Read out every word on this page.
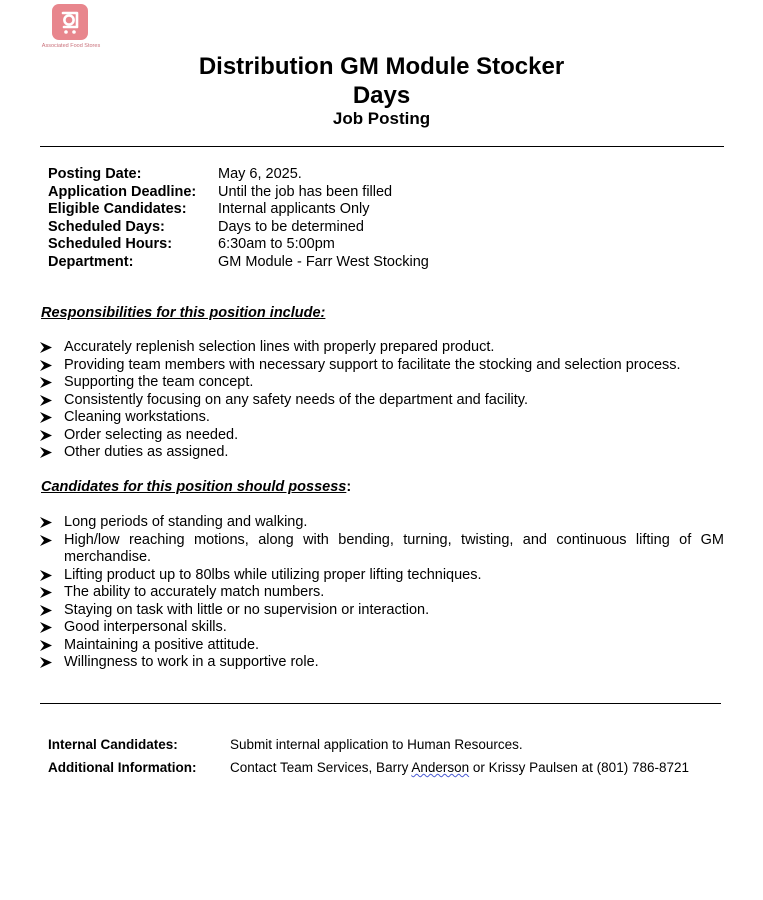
Associated Food Stores
Distribution GM Module Stocker
Days
Job Posting
Posting Date:	May 6, 2025.
Application Deadline: Until the job has been filled
Eligible Candidates: Internal applicants Only
Scheduled Days:	Days to be determined
Scheduled Hours:	6:30am to 5:00pm
Department:	GM Module - Farr West Stocking
Responsibilities for this position include:
Accurately replenish selection lines with properly prepared product.
Providing team members with necessary support to facilitate the stocking and selection process.
Supporting the team concept.
Consistently focusing on any safety needs of the department and facility.
Cleaning workstations.
Order selecting as needed.
Other duties as assigned.
Candidates for this position should possess:
Long periods of standing and walking.
High/low reaching motions, along with bending, turning, twisting, and continuous lifting of GM merchandise.
Lifting product up to 80lbs while utilizing proper lifting techniques.
The ability to accurately match numbers.
Staying on task with little or no supervision or interaction.
Good interpersonal skills.
Maintaining a positive attitude.
Willingness to work in a supportive role.
Internal Candidates:	Submit internal application to Human Resources.
Additional Information: Contact Team Services, Barry Anderson or Krissy Paulsen at (801) 786-8721
